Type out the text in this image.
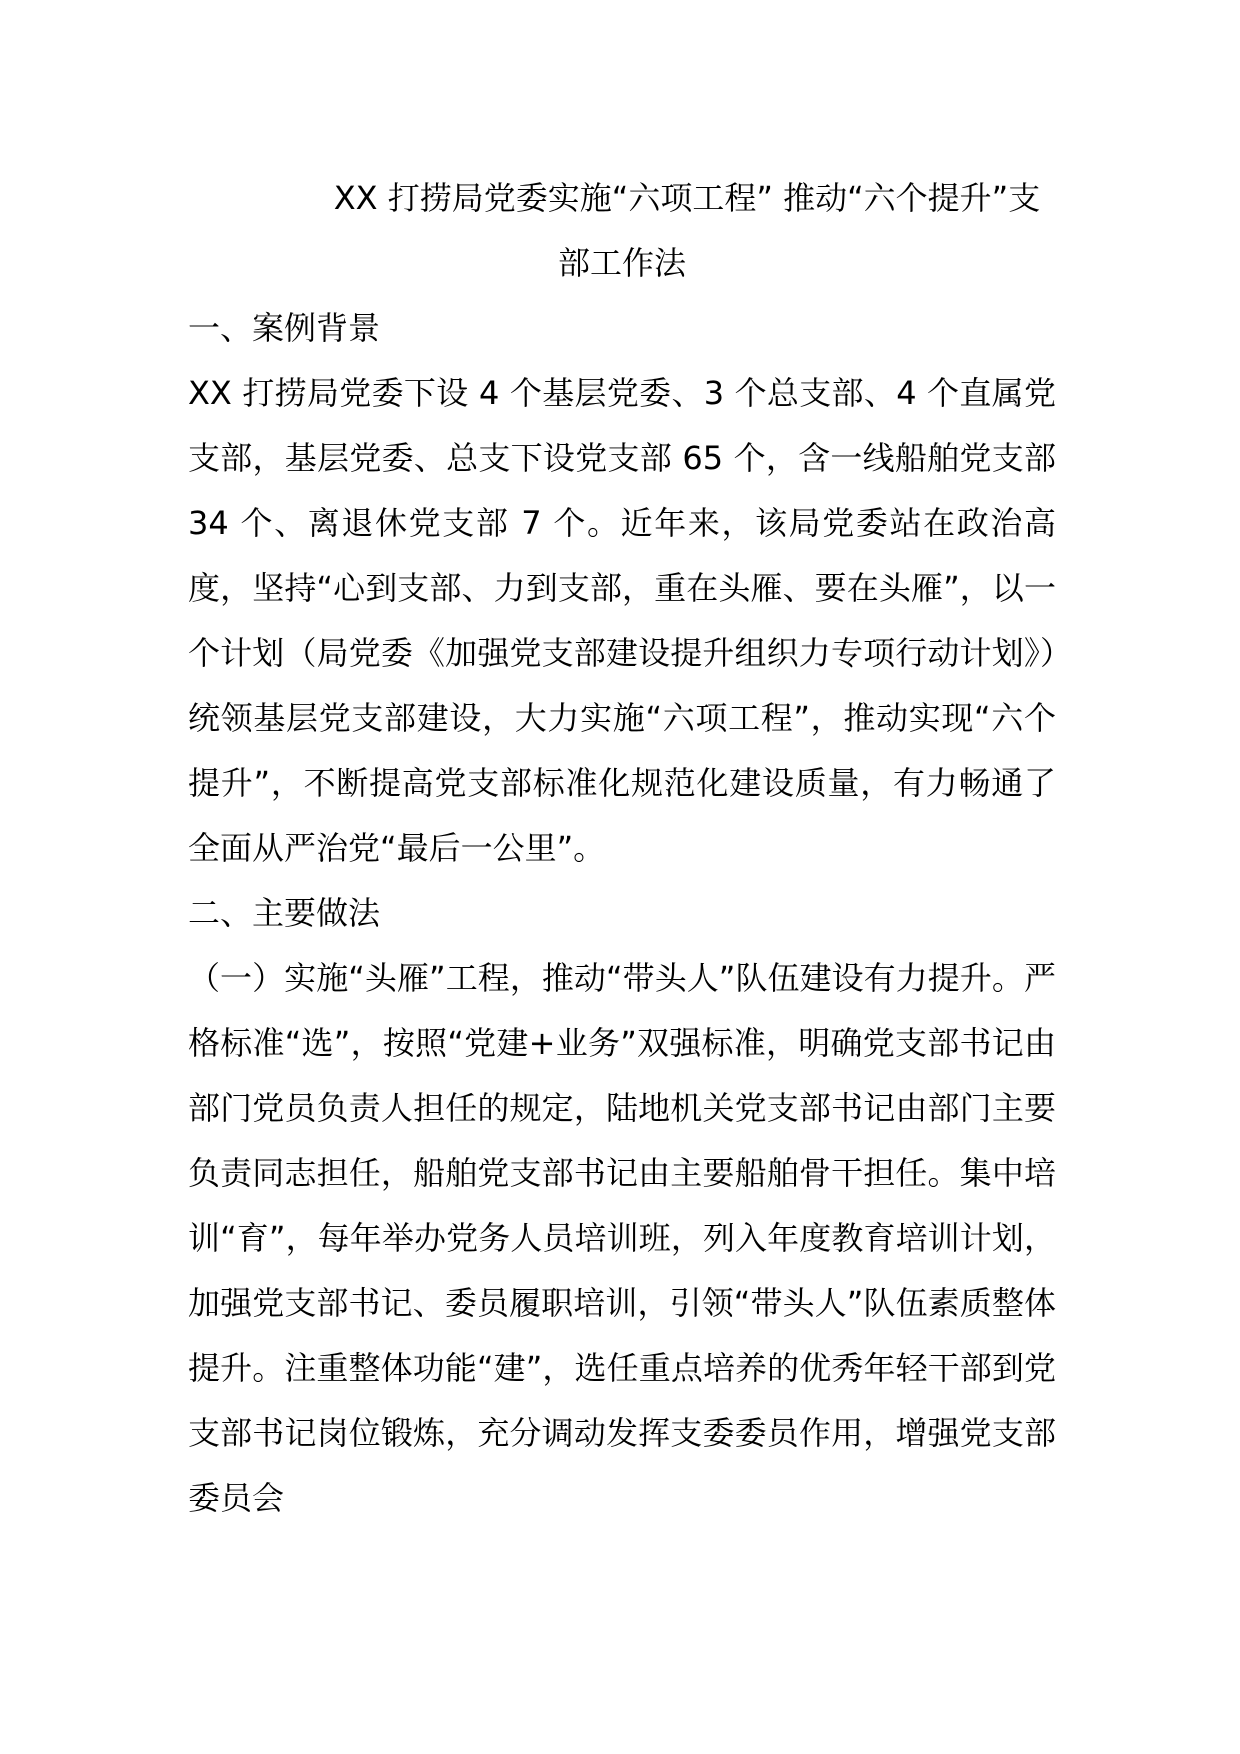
XX 打捞局党委实施“六项工程” 推动“六个提升”支
部工作法
一、案例背景

XX 打捞局党委下设 4 个基层党委、3 个总支部、4 个直属党支部，基层党委、总支下设党支部 65 个，含一线船舶党支部 34 个、离退休党支部 7 个。近年来，该局党委站在政治高度，坚持“心到支部、力到支部，重在头雁、要在头雁”，以一个计划（局党委《加强党支部建设提升组织力专项行动计划》）统领基层党支部建设，大力实施“六项工程”，推动实现“六个提升”，不断提高党支部标准化规范化建设质量，有力畅通了全面从严治党“最后一公里”。

二、主要做法

（一）实施“头雁”工程，推动“带头人”队伍建设有力提升。严格标准“选”，按照“党建+业务”双强标准，明确党支部书记由部门党员负责人担任的规定，陆地机关党支部书记由部门主要负责同志担任，船舶党支部书记由主要船舶骨干担任。集中培训“育”，每年举办党务人员培训班，列入年度教育培训计划，加强党支部书记、委员履职培训，引领“带头人”队伍素质整体提升。注重整体功能“建”，选任重点培养的优秀年轻干部到党支部书记岗位锻炼，充分调动发挥支委委员作用，增强党支部委员会
